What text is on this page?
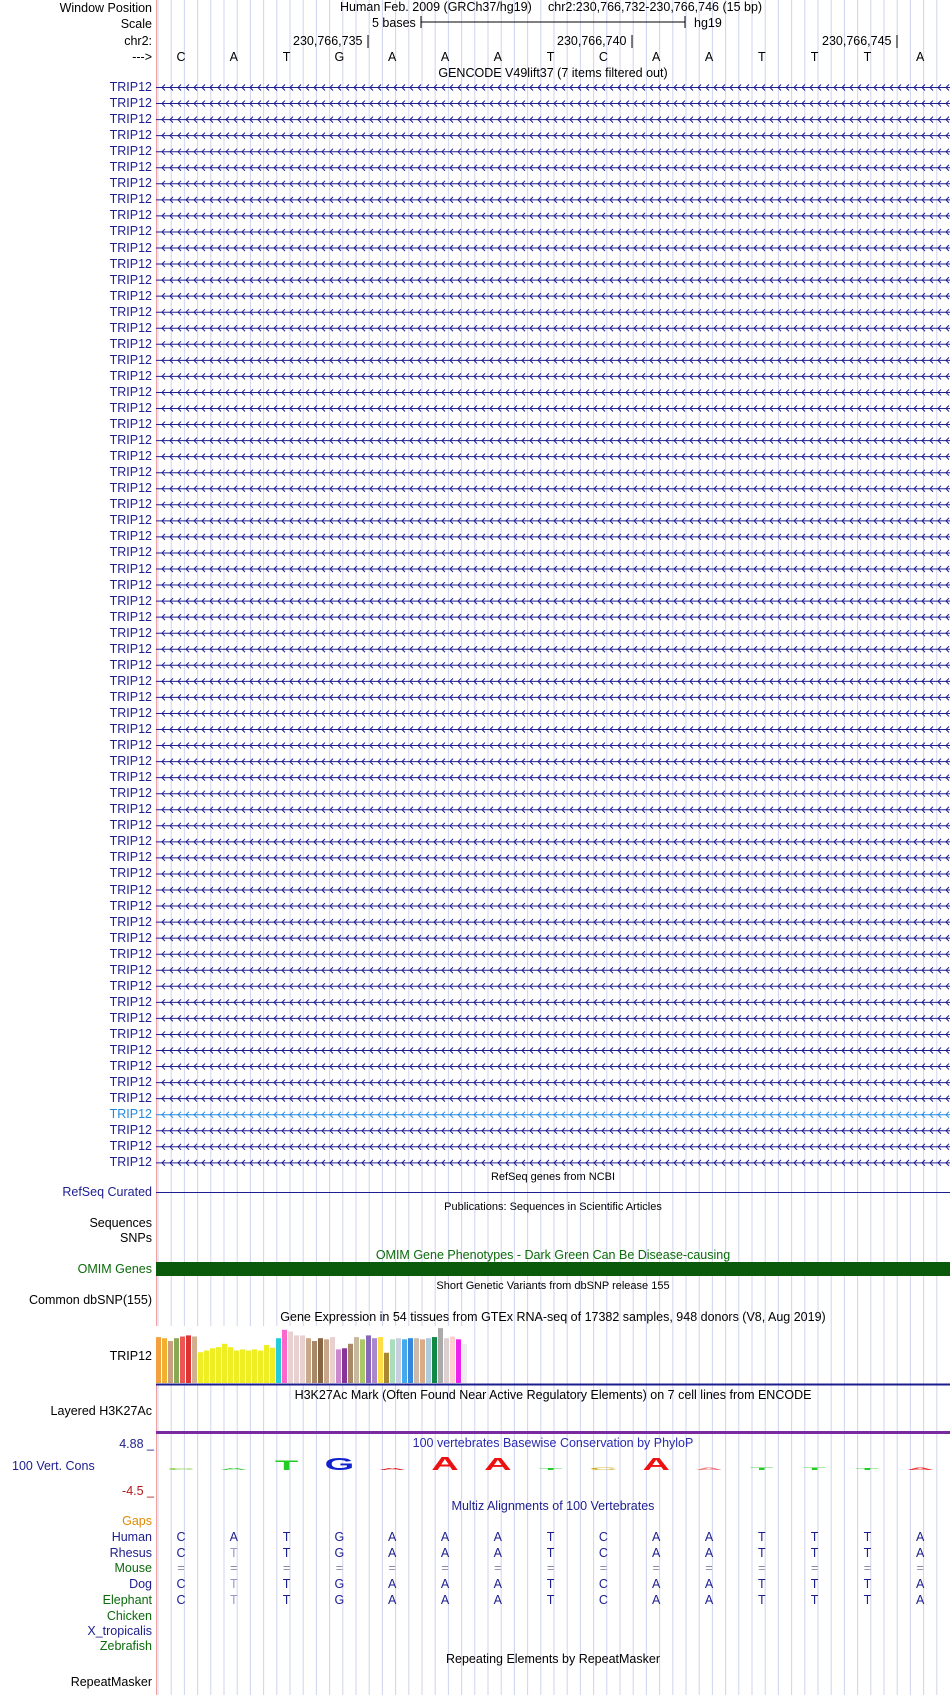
Window Position	Human Feb. 2009 (GRCh37/hg19) chr2:230,766,732-230,766,746 (15 bp)
Scale	5 bases	hg19
chr2:	230,766,735	230,766,740	230,766,745
--->	C	A	T	G	A	A	A	T	C	A	A	T	T	T	A
GENCODE V49lift37 (7 items filtered out)
TRIP12
TRIP12
TRIP12
TRIP12
TRIP12
TRIP12
TRIP12
TRIP12
TRIP12
TRIP12
TRIP12
TRIP12
TRIP12
TRIP12
TRIP12
TRIP12
TRIP12
TRIP12
TRIP12
TRIP12
TRIP12
TRIP12
TRIP12
TRIP12
TRIP12
TRIP12
TRIP12
TRIP12
TRIP12
TRIP12
TRIP12
TRIP12
TRIP12
TRIP12
TRIP12
TRIP12
TRIP12
TRIP12
TRIP12
TRIP12
TRIP12
TRIP12
TRIP12
TRIP12
TRIP12
TRIP12
TRIP12
TRIP12
TRIP12
TRIP12
TRIP12
TRIP12
TRIP12
TRIP12
TRIP12
TRIP12
TRIP12
TRIP12
TRIP12
TRIP12
TRIP12
TRIP12
TRIP12
TRIP12
TRIP12
TRIP12
TRIP12
TRIP12
RefSeq genes from NCBI
RefSeq Curated
Publications: Sequences in Scientific Articles
Sequences
SNPs
OMIM Gene Phenotypes - Dark Green Can Be Disease-causing
OMIM Genes
Short Genetic Variants from dbSNP release 155
Common dbSNP(155)
Gene Expression in 54 tissues from GTEx RNA-seq of 17382 samples, 948 donors (V8, Aug 2019)
TRIP12
H3K27Ac Mark (Often Found Near Active Regulatory Elements) on 7 cell lines from ENCODE
Layered H3K27Ac
100 vertebrates Basewise Conservation by PhyloP
4.88 _
100 Vert. Cons
-4.5 _
C A T G A A A T C A A T T T A
Multiz Alignments of 100 Vertebrates
Gaps
Human	C	A	T	G	A	A	A	T	C	A	A	T	T	T	A
Rhesus	C	T	T	G	A	A	A	T	C	A	A	T	T	T	A
Mouse	=	=	=	=	=	=	=	=	=	=	=	=	=	=	=
Dog	C	T	T	G	A	A	A	T	C	A	A	T	T	T	A
Elephant	C	T	T	G	A	A	A	T	C	A	A	T	T	T	A
Chicken
X_tropicalis
Zebrafish
Repeating Elements by RepeatMasker
RepeatMasker
